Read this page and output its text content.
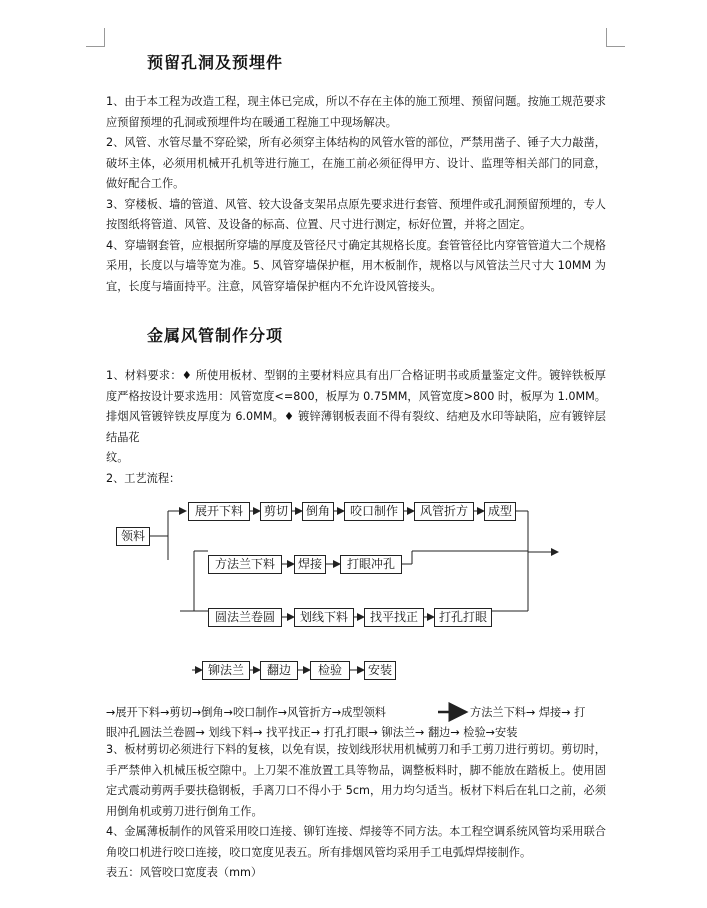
预留孔洞及预埋件

1、由于本工程为改造工程，现主体已完成，所以不存在主体的施工预埋、预留问题。按施工规范要求应预留预埋的孔洞或预埋件均在暖通工程施工中现场解决。

2、风管、水管尽量不穿砼梁，所有必须穿主体结构的风管水管的部位，严禁用凿子、锤子大力敲凿，破坏主体，必须用机械开孔机等进行施工，在施工前必须征得甲方、设计、监理等相关部门的同意，做好配合工作。

3、穿楼板、墙的管道、风管、较大设备支架吊点原先要求进行套管、预埋件或孔洞预留预埋的，专人按图纸将管道、风管、及设备的标高、位置、尺寸进行测定，标好位置，并将之固定。

4、穿墙钢套管，应根据所穿墙的厚度及管径尺寸确定其规格长度。套管管径比内穿管管道大二个规格采用，长度以与墙等宽为准。5、风管穿墙保护框，用木板制作，规格以与风管法兰尺寸大 10MM 为宜，长度与墙面持平。注意，风管穿墙保护框内不允许设风管接头。

金属风管制作分项

1、材料要求：♦ 所使用板材、型钢的主要材料应具有出厂合格证明书或质量鉴定文件。镀锌铁板厚度严格按设计要求选用：风管宽度<=800，板厚为 0.75MM，风管宽度>800 时，板厚为 1.0MM。排烟风管镀锌铁皮厚度为 6.0MM。♦ 镀锌薄钢板表面不得有裂纹、结疤及水印等缺陷，应有镀锌层结晶花

纹。

2、工艺流程：

领料
展开下料	剪切	倒角	咬口制作	风管折方	成型
方法兰下料	焊接	打眼冲孔
圆法兰卷圆	划线下料	找平找正	打孔打眼
铆法兰	翻边	检验	安装
→展开下料→剪切→倒角→咬口制作→风管折方→成型领料	方法兰下料→ 焊接→ 打
眼冲孔圆法兰卷圆→ 划线下料→ 找平找正→ 打孔打眼→ 铆法兰→ 翻边→ 检验→安装

3、板材剪切必须进行下料的复核，以免有误，按划线形状用机械剪刀和手工剪刀进行剪切。剪切时，手严禁伸入机械压板空隙中。上刀架不准放置工具等物品，调整板料时，脚不能放在踏板上。使用固定式震动剪两手要扶稳钢板，手离刀口不得小于 5cm，用力均匀适当。板材下料后在轧口之前，必须用倒角机或剪刀进行倒角工作。

4、金属薄板制作的风管采用咬口连接、铆钉连接、焊接等不同方法。本工程空调系统风管均采用联合角咬口机进行咬口连接，咬口宽度见表五。所有排烟风管均采用手工电弧焊焊接制作。

表五：风管咬口宽度表（mm）
